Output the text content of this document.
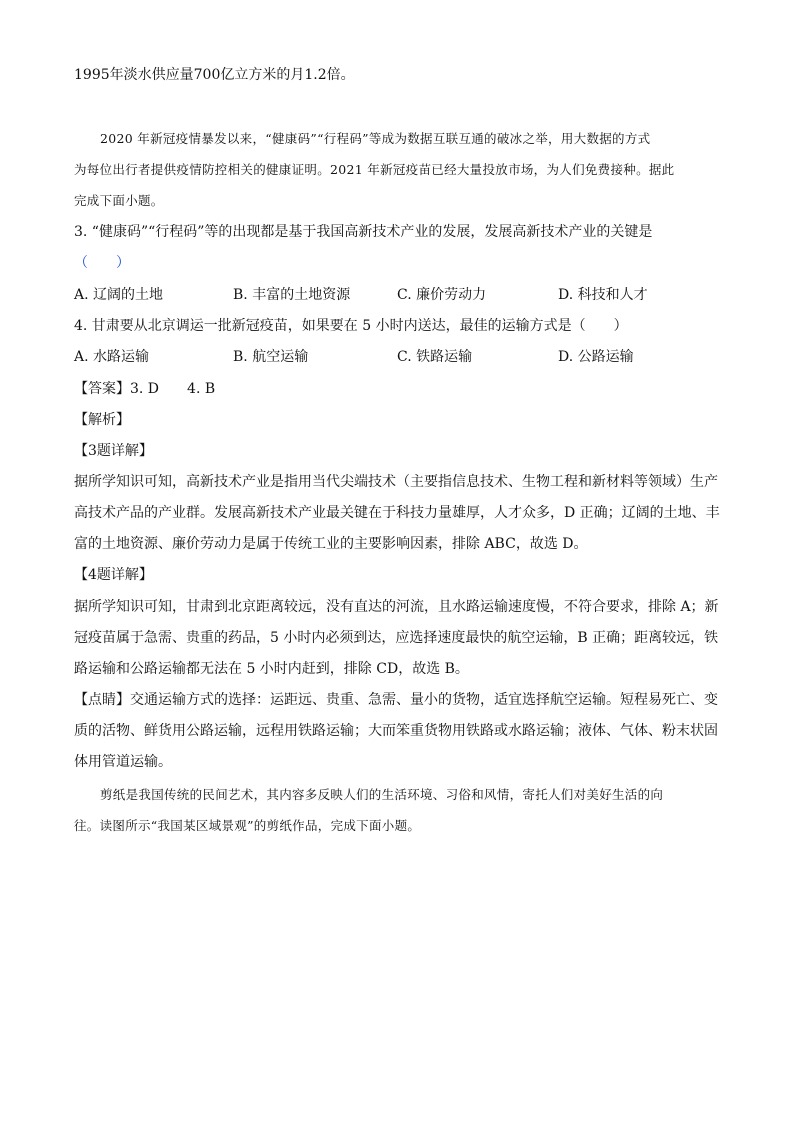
1995年淡水供应量700亿立方米的月1.2倍。
2020 年新冠疫情暴发以来，“健康码”“行程码”等成为数据互联互通的破冰之举，用大数据的方式
为每位出行者提供疫情防控相关的健康证明。2021 年新冠疫苗已经大量投放市场，为人们免费接种。据此
完成下面小题。
3. “健康码”“行程码”等的出现都是基于我国高新技术产业的发展，发展高新技术产业的关键是
（　　）
A. 辽阔的土地	B. 丰富的土地资源	C. 廉价劳动力	D. 科技和人才
4. 甘肃要从北京调运一批新冠疫苗，如果要在 5 小时内送达，最佳的运输方式是（　　）
A. 水路运输	B. 航空运输	C. 铁路运输	D. 公路运输
【答案】3. D　　4. B
【解析】
【3题详解】
据所学知识可知，高新技术产业是指用当代尖端技术（主要指信息技术、生物工程和新材料等领域）生产
高技术产品的产业群。发展高新技术产业最关键在于科技力量雄厚，人才众多，D 正确；辽阔的土地、丰
富的土地资源、廉价劳动力是属于传统工业的主要影响因素，排除 ABC，故选 D。
【4题详解】
据所学知识可知，甘肃到北京距离较远，没有直达的河流，且水路运输速度慢，不符合要求，排除 A；新
冠疫苗属于急需、贵重的药品，5 小时内必须到达，应选择速度最快的航空运输，B 正确；距离较远，铁
路运输和公路运输都无法在 5 小时内赶到，排除 CD，故选 B。
【点睛】交通运输方式的选择：运距远、贵重、急需、量小的货物，适宜选择航空运输。短程易死亡、变
质的活物、鲜货用公路运输，远程用铁路运输；大而笨重货物用铁路或水路运输；液体、气体、粉末状固
体用管道运输。
剪纸是我国传统的民间艺术，其内容多反映人们的生活环境、习俗和风情，寄托人们对美好生活的向
往。读图所示“我国某区域景观”的剪纸作品，完成下面小题。
